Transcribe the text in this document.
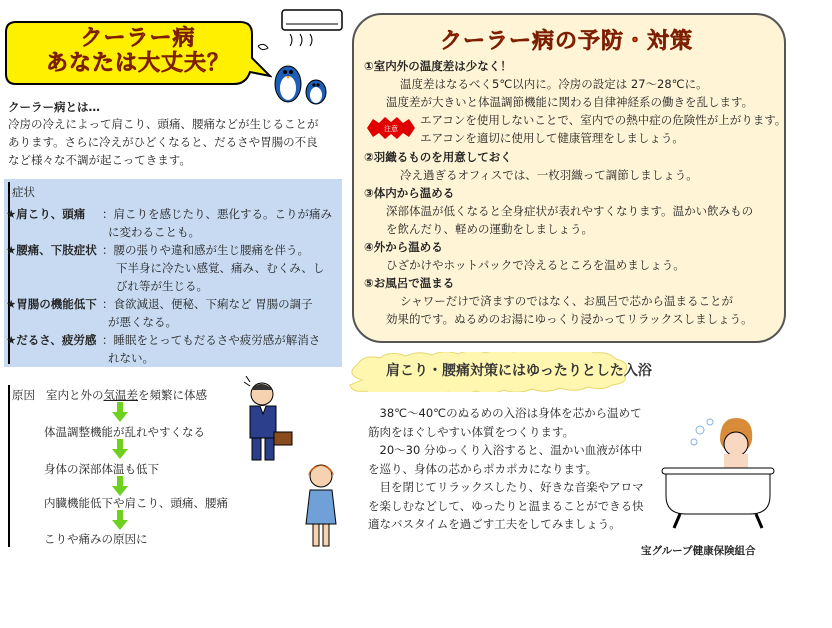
クーラー病
あなたは大丈夫？
クーラー病とは…
冷房の冷えによって肩こり、頭痛、腰痛などが生じることが
あります。さらに冷えがひどくなると、だるさや胃腸の不良
など様々な不調が起こってきます。
症状
★肩こり、頭痛 ：肩こりを感じたり、悪化する。こりが痛み
に変わることも。
★腰痛、下肢症状 ：腰の張りや違和感が生じ腰痛を伴う。
下半身に冷たい感覚、痛み、むくみ、し
びれ等が生じる。
★胃腸の機能低下 ：食欲減退、便秘、下痢など 胃腸の調子
が悪くなる。
★だるさ、疲労感 ：睡眠をとってもだるさや疲労感が解消さ
れない。
原因 室内と外の気温差を頻繁に体感
体温調整機能が乱れやすくなる
身体の深部体温も低下
内臓機能低下や肩こり、頭痛、腰痛
こりや痛みの原因に
クーラー病の予防・対策
①室内外の温度差は少なく！
温度差はなるべく5℃以内に。冷房の設定は 27～28℃に。
温度差が大きいと体温調節機能に関わる自律神経系の働きを乱します。
注意
エアコンを使用しないことで、室内での熱中症の危険性が上がります。
エアコンを適切に使用して健康管理をしましょう。
②羽織るものを用意しておく
冷え過ぎるオフィスでは、一枚羽織って調節しましょう。
③体内から温める
深部体温が低くなると全身症状が表れやすくなります。温かい飲みもの
を飲んだり、軽めの運動をしましょう。
④外から温める
ひざかけやホットパックで冷えるところを温めましょう。
⑤お風呂で温まる
シャワーだけで済ますのではなく、お風呂で芯から温まることが
効果的です。ぬるめのお湯にゆっくり浸かってリラックスしましょう。
肩こり・腰痛対策にはゆったりとした入浴
　38℃～40℃のぬるめの入浴は身体を芯から温めて
筋肉をほぐしやすい体質をつくります。
　20～30 分ゆっくり入浴すると、温かい血液が体中
を巡り、身体の芯からポカポカになります。
　目を閉じてリラックスしたり、好きな音楽やアロマ
を楽しむなどして、ゆったりと温まることができる快
適なバスタイムを過ごす工夫をしてみましょう。
宝グループ健康保険組合
